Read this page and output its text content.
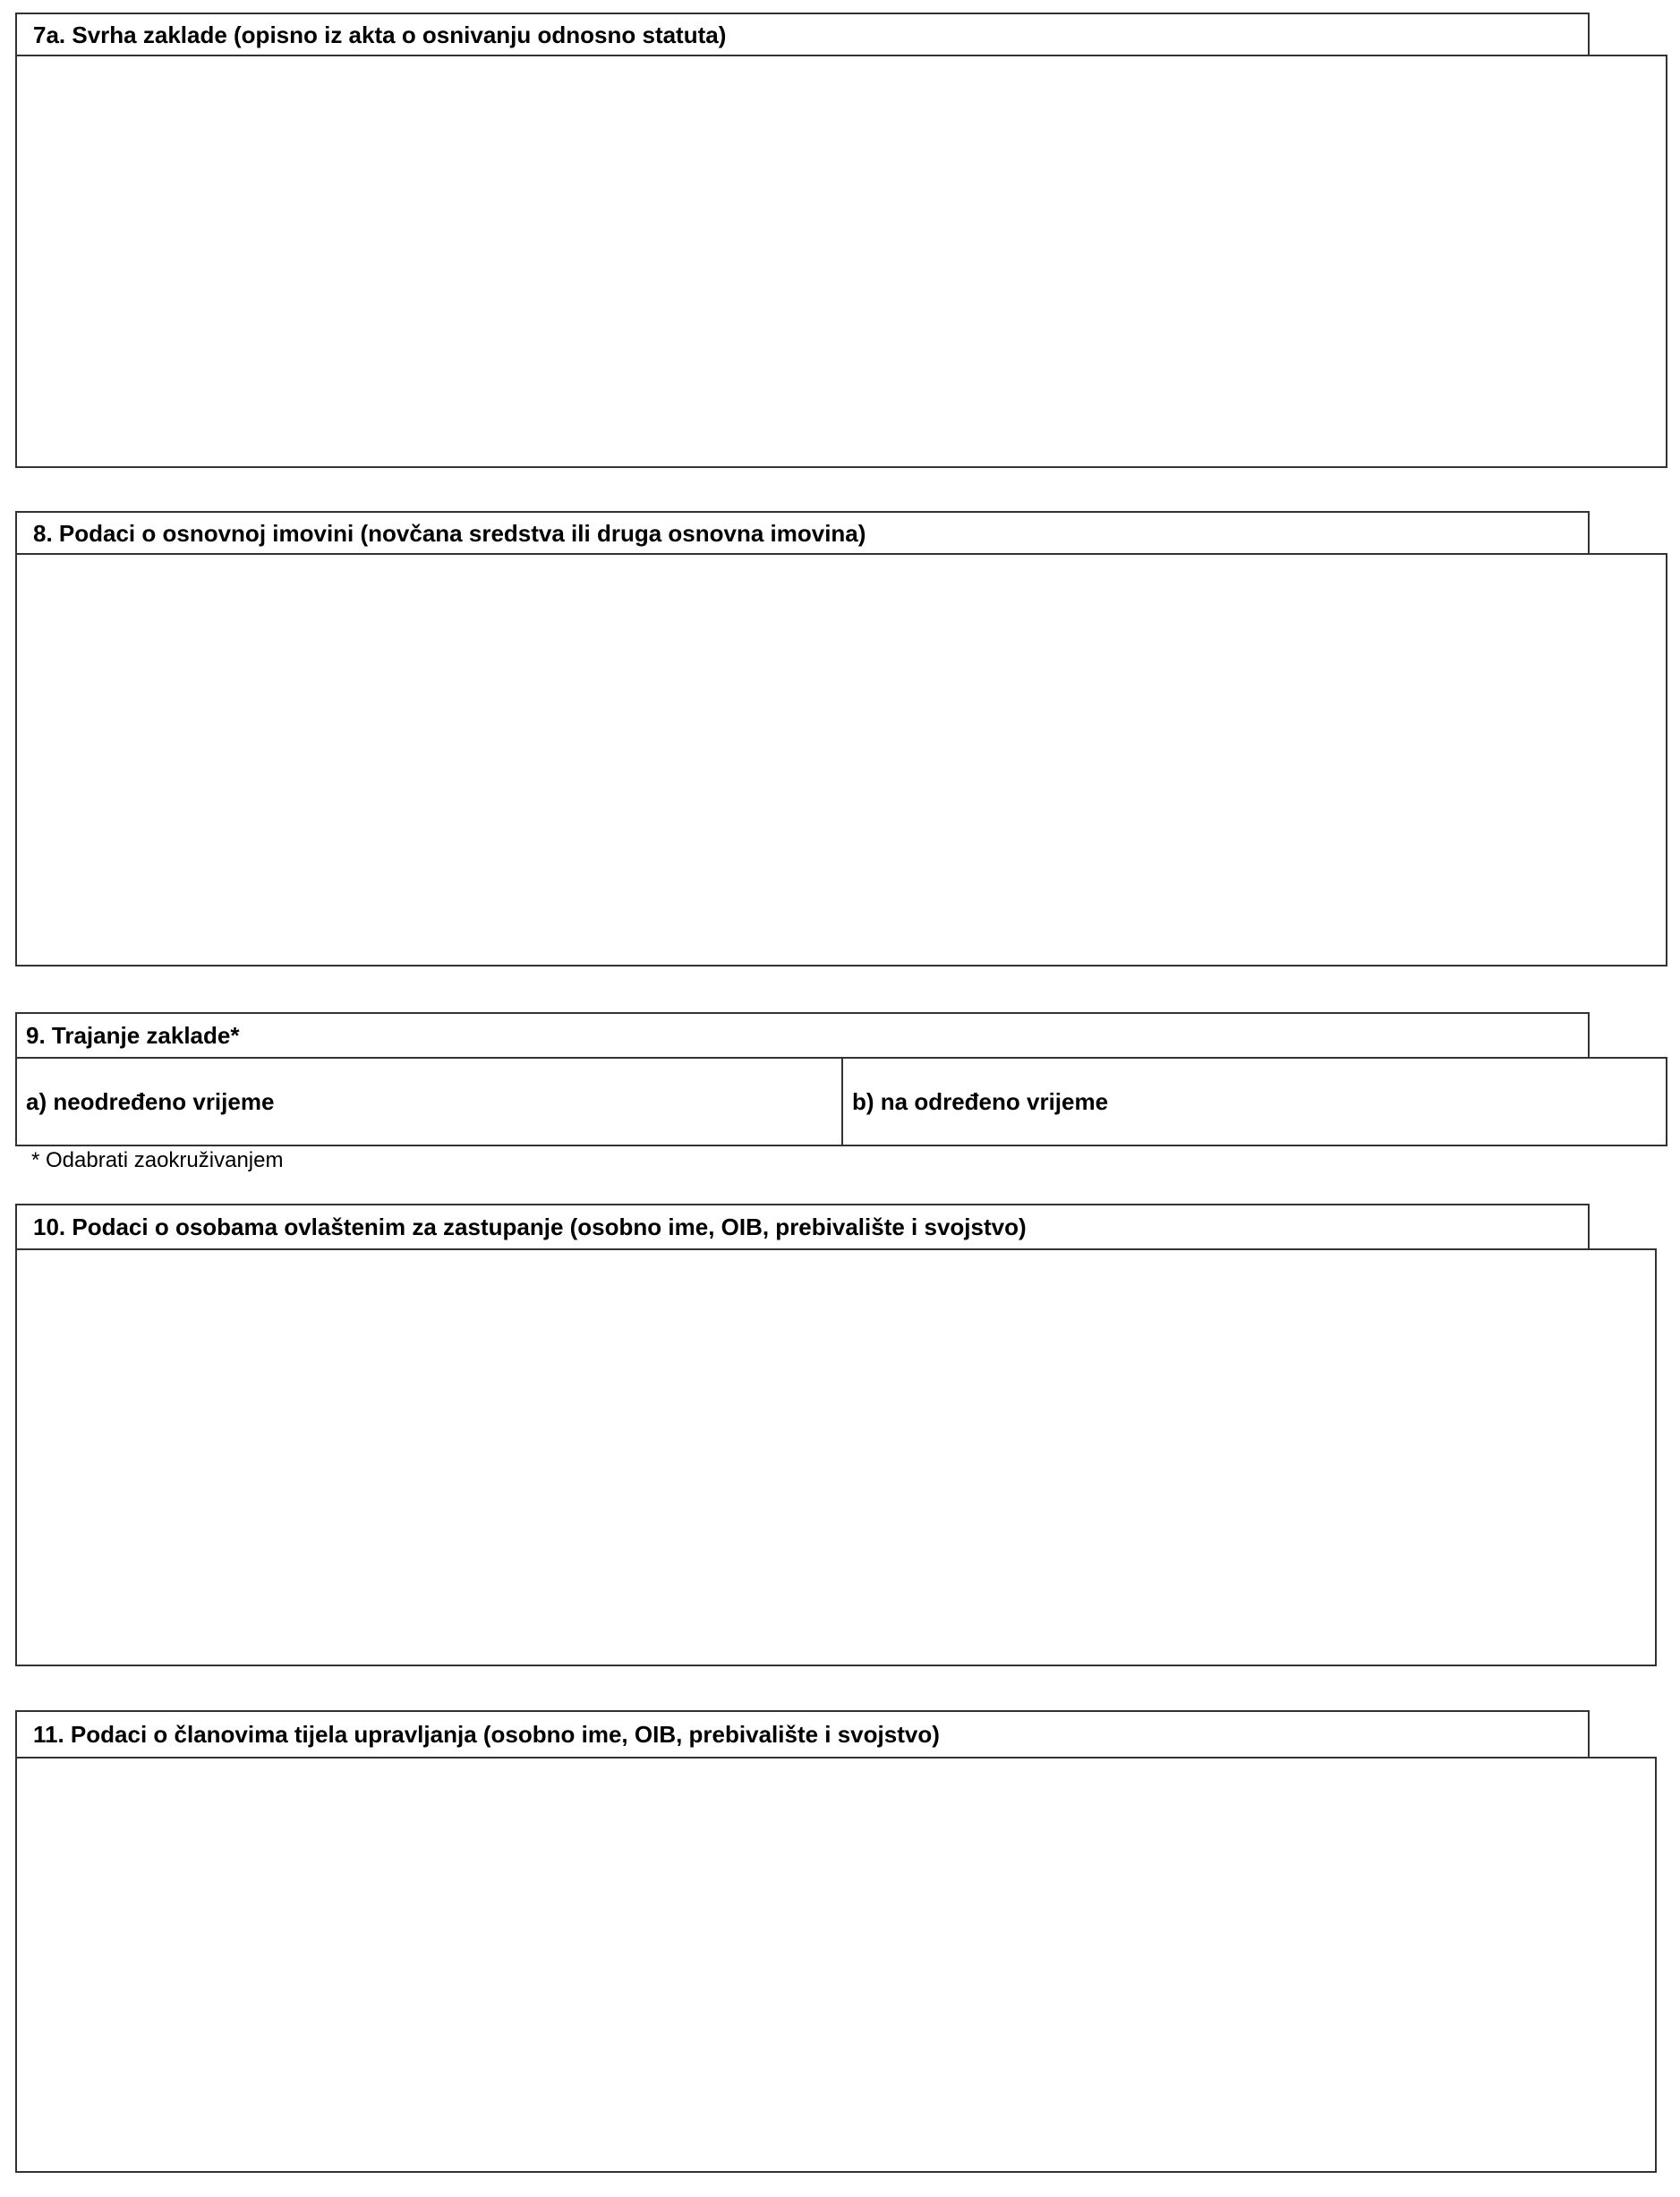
7a. Svrha zaklade (opisno iz akta o osnivanju odnosno statuta)
8. Podaci o osnovnoj imovini (novčana sredstva ili druga osnovna imovina)
9. Trajanje zaklade*
a) neodređeno vrijeme	b) na određeno vrijeme
* Odabrati zaokruživanjem
10. Podaci o osobama ovlaštenim za zastupanje (osobno ime, OIB, prebivalište i svojstvo)
11. Podaci o članovima tijela upravljanja (osobno ime, OIB, prebivalište i svojstvo)
